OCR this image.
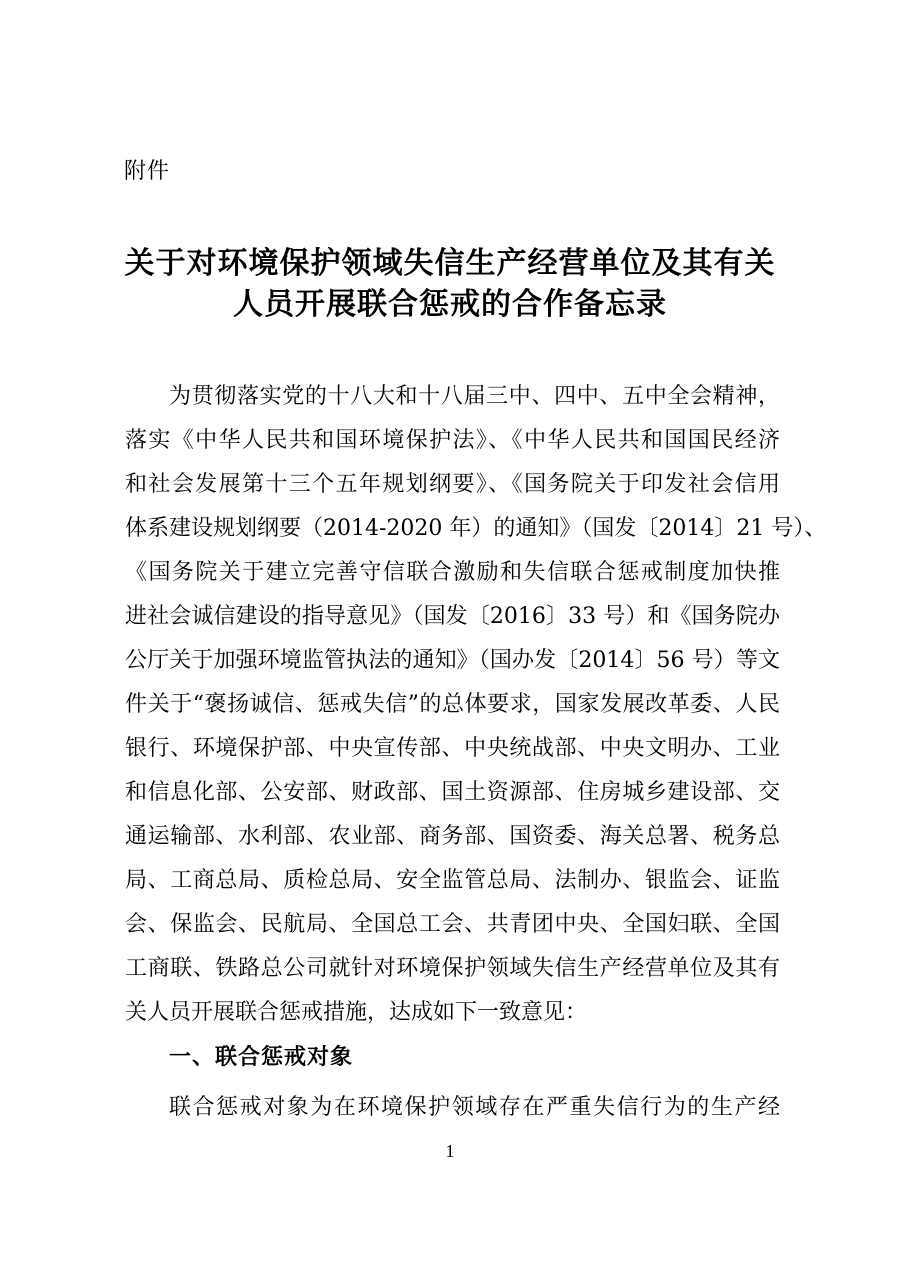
附件
关于对环境保护领域失信生产经营单位及其有关
人员开展联合惩戒的合作备忘录
为贯彻落实党的十八大和十八届三中、四中、五中全会精神，
落实《中华人民共和国环境保护法》、《中华人民共和国国民经济
和社会发展第十三个五年规划纲要》、《国务院关于印发社会信用
体系建设规划纲要（2014-2020 年）的通知》（国发〔2014〕21 号）、
《国务院关于建立完善守信联合激励和失信联合惩戒制度加快推
进社会诚信建设的指导意见》（国发〔2016〕33 号）和《国务院办
公厅关于加强环境监管执法的通知》（国办发〔2014〕56 号）等文
件关于“褒扬诚信、惩戒失信”的总体要求，国家发展改革委、人民
银行、环境保护部、中央宣传部、中央统战部、中央文明办、工业
和信息化部、公安部、财政部、国土资源部、住房城乡建设部、交
通运输部、水利部、农业部、商务部、国资委、海关总署、税务总
局、工商总局、质检总局、安全监管总局、法制办、银监会、证监
会、保监会、民航局、全国总工会、共青团中央、全国妇联、全国
工商联、铁路总公司就针对环境保护领域失信生产经营单位及其有
关人员开展联合惩戒措施，达成如下一致意见：
一、联合惩戒对象
联合惩戒对象为在环境保护领域存在严重失信行为的生产经
1
